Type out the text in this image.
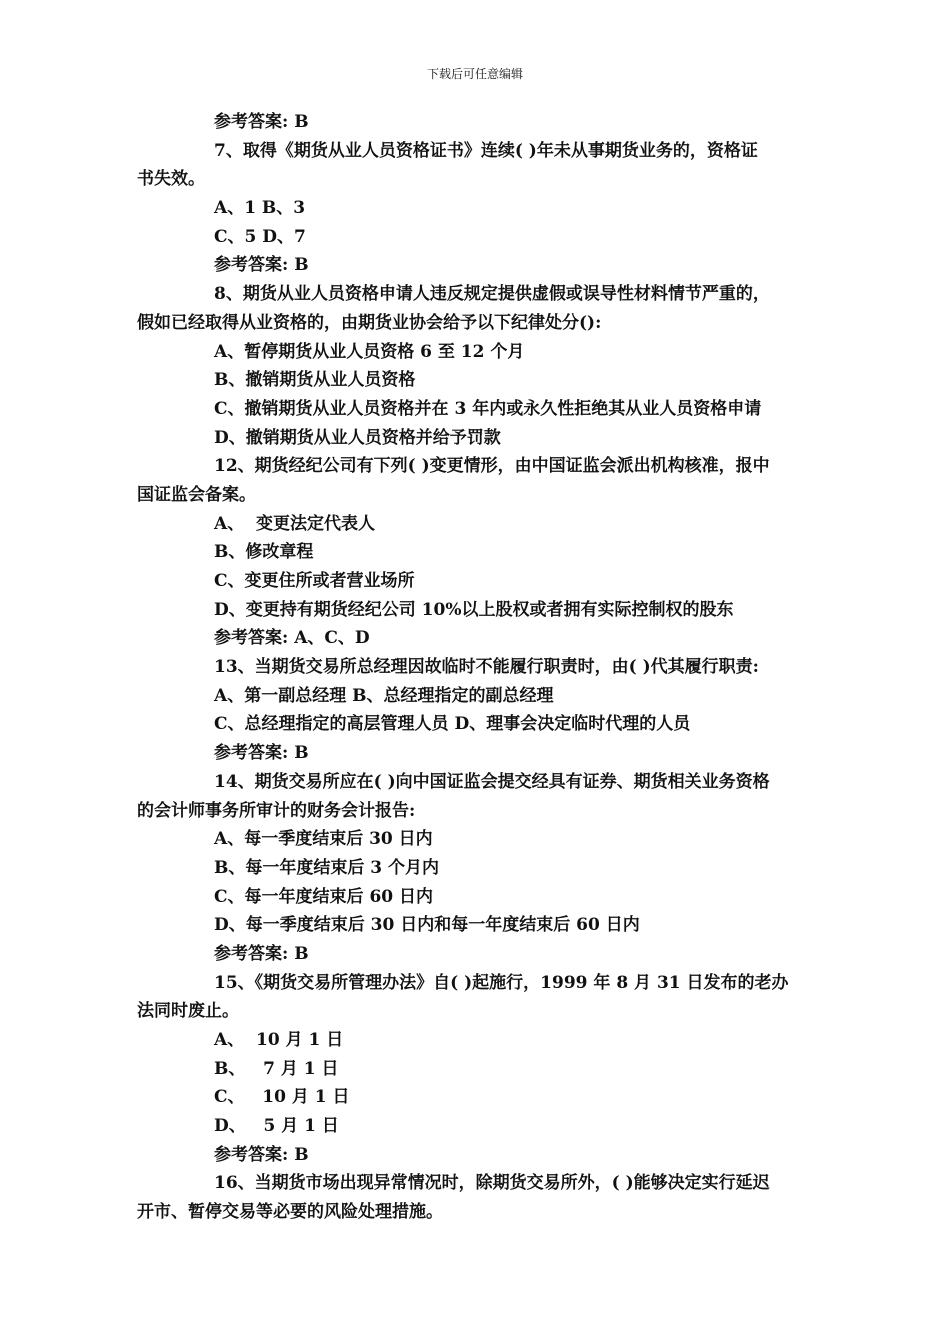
下载后可任意编辑
参考答案: B
7、取得《期货从业人员资格证书》连续( )年未从事期货业务的，资格证
书失效。
A、1 B、3
C、5 D、7
参考答案: B
8、期货从业人员资格申请人违反规定提供虚假或误导性材料情节严重的，
假如已经取得从业资格的，由期货业协会给予以下纪律处分():
A、暂停期货从业人员资格 6 至 12 个月
B、撤销期货从业人员资格
C、撤销期货从业人员资格并在 3 年内或永久性拒绝其从业人员资格申请
D、撤销期货从业人员资格并给予罚款
12、期货经纪公司有下列( )变更情形，由中国证监会派出机构核准，报中
国证监会备案。
A、  变更法定代表人
B、修改章程
C、变更住所或者营业场所
D、变更持有期货经纪公司 10%以上股权或者拥有实际控制权的股东
参考答案: A、C、D
13、当期货交易所总经理因故临时不能履行职责时，由( )代其履行职责:
A、第一副总经理 B、总经理指定的副总经理
C、总经理指定的高层管理人员 D、理事会决定临时代理的人员
参考答案: B
14、期货交易所应在( )向中国证监会提交经具有证券、期货相关业务资格
的会计师事务所审计的财务会计报告:
A、每一季度结束后 30 日内
B、每一年度结束后 3 个月内
C、每一年度结束后 60 日内
D、每一季度结束后 30 日内和每一年度结束后 60 日内
参考答案: B
15、《期货交易所管理办法》自( )起施行，1999 年 8 月 31 日发布的老办
法同时废止。
A、  10 月 1 日
B、   7 月 1 日
C、   10 月 1 日
D、   5 月 1 日
参考答案: B
16、当期货市场出现异常情况时，除期货交易所外，( )能够决定实行延迟
开市、暂停交易等必要的风险处理措施。
